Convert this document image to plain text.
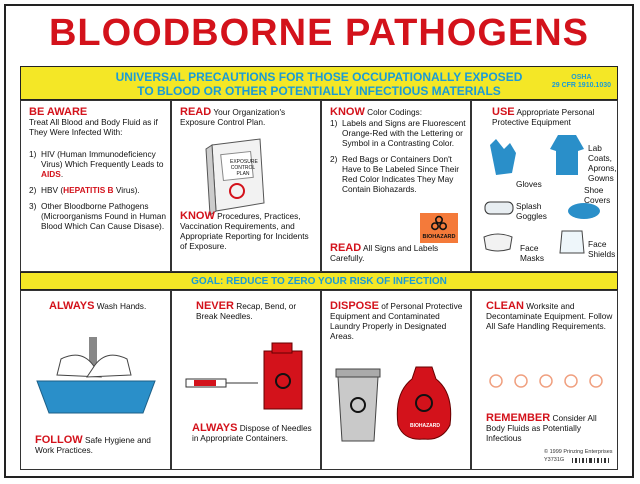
BLOODBORNE PATHOGENS
UNIVERSAL PRECAUTIONS FOR THOSE OCCUPATIONALLY EXPOSED
TO BLOOD OR OTHER POTENTIALLY INFECTIOUS MATERIALS
OSHA
29 CFR 1910.1030
BE AWARE
Treat All Blood and Body Fluid as if They Were Infected With:
1) HIV (Human Immunodeficiency Virus) Which Frequently Leads to AIDS.
2) HBV (HEPATITIS B Virus).
3) Other Bloodborne Pathogens (Microorganisms Found in Human Blood Which Can Cause Disase).
READ Your Organization's Exposure Control Plan.
EXPOSURE
CONTROL
PLAN
KNOW Procedures, Practices, Vaccination Requirements, and Appropriate Reporting for Incidents of Exposure.
KNOW Color Codings:
1) Labels and Signs are Fluorescent Orange-Red with the Lettering or Symbol in a Contrasting Color.
2) Red Bags or Containers Don't Have to Be Labeled Since Their Red Color Indicates They May Contain Biohazards.
BIOHAZARD
READ All Signs and Labels Carefully.
USE Appropriate Personal Protective Equipment
Lab Coats, Aprons, Gowns
Gloves
Splash Goggles
Shoe Covers
Face Masks
Face Shields
GOAL: REDUCE TO ZERO YOUR RISK OF INFECTION
ALWAYS Wash Hands.
FOLLOW Safe Hygiene and Work Practices.
NEVER Recap, Bend, or Break Needles.
ALWAYS Dispose of Needles in Appropriate Containers.
DISPOSE of Personal Protective Equipment and Contaminated Laundry Properly in Designated Areas.
BIOHAZARD
CLEAN Worksite and Decontaminate Equipment. Follow All Safe Handling Requirements.
REMEMBER Consider All Body Fluids as Potentially Infectious
© 1999 Prinzing Enterprises
Y3731G
